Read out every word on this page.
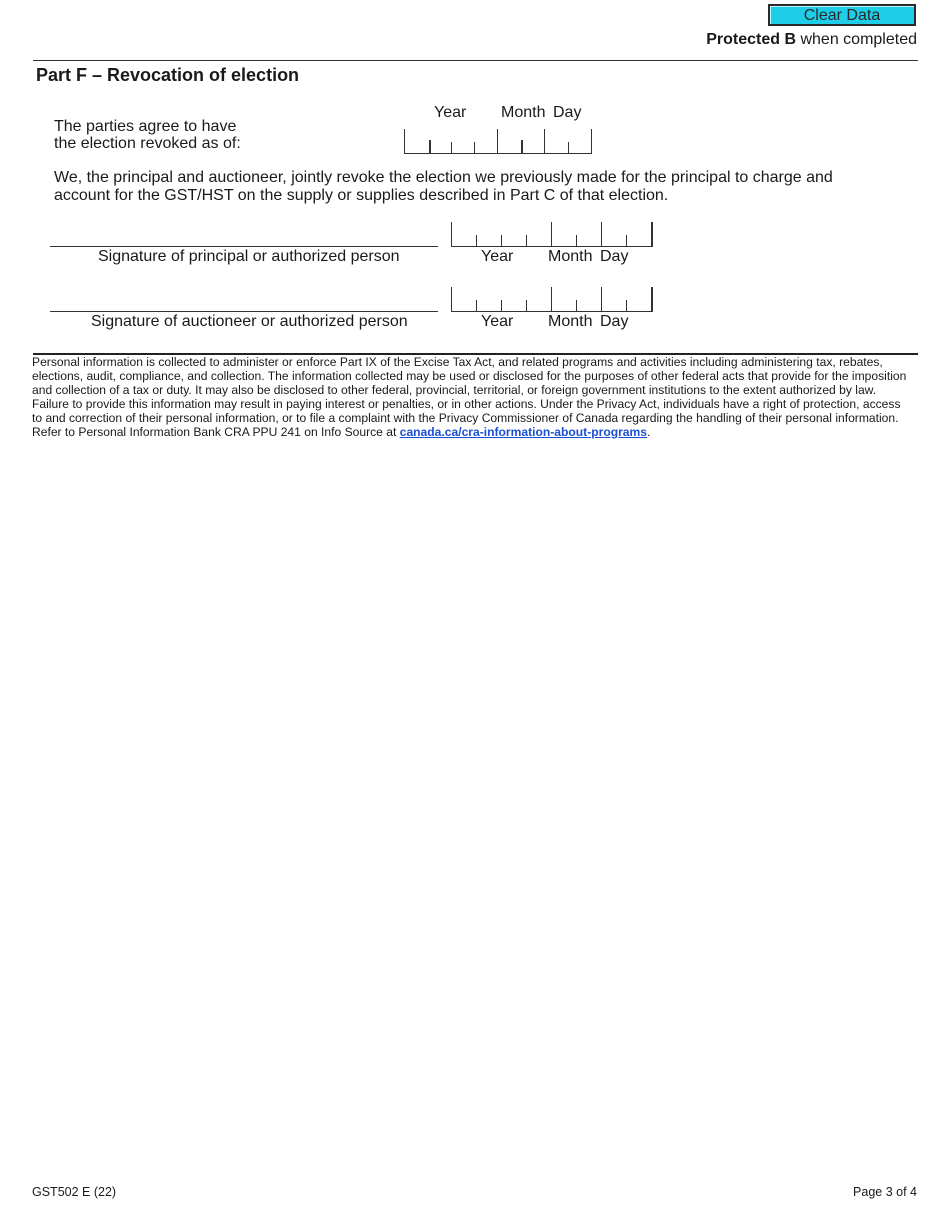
Clear Data
Protected B when completed
Part F – Revocation of election
Year Month Day
The parties agree to have
the election revoked as of:
We, the principal and auctioneer, jointly revoke the election we previously made for the principal to charge and account for the GST/HST on the supply or supplies described in Part C of that election.
Signature of principal or authorized person	Year Month Day
Signature of auctioneer or authorized person	Year Month Day
Personal information is collected to administer or enforce Part IX of the Excise Tax Act, and related programs and activities including administering tax, rebates, elections, audit, compliance, and collection. The information collected may be used or disclosed for the purposes of other federal acts that provide for the imposition and collection of a tax or duty. It may also be disclosed to other federal, provincial, territorial, or foreign government institutions to the extent authorized by law. Failure to provide this information may result in paying interest or penalties, or in other actions. Under the Privacy Act, individuals have a right of protection, access to and correction of their personal information, or to file a complaint with the Privacy Commissioner of Canada regarding the handling of their personal information. Refer to Personal Information Bank CRA PPU 241 on Info Source at canada.ca/cra-information-about-programs.
GST502 E (22)	Page 3 of 4
